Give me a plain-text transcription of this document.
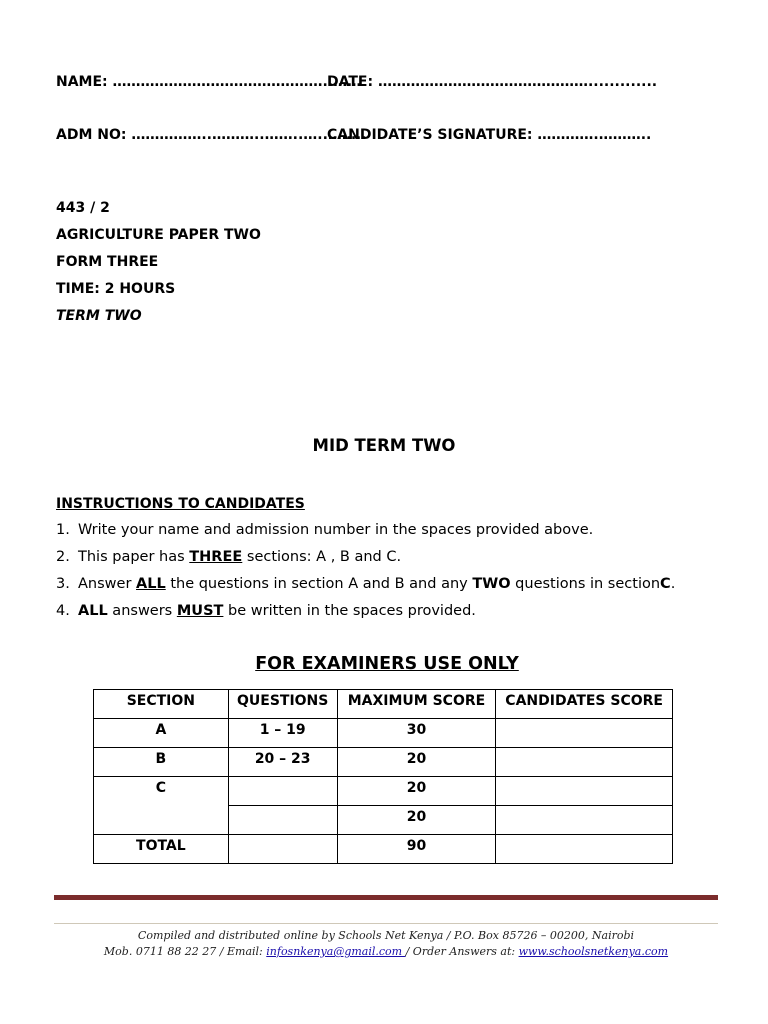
NAME: ………………………………………..……
DATE: ……………………………………….............
ADM NO: ……………..………..……..…..……..
CANDIDATE’S SIGNATURE: ………….………..
443 / 2
AGRICULTURE PAPER TWO
FORM THREE
TIME: 2 HOURS
TERM TWO
MID TERM TWO
INSTRUCTIONS TO CANDIDATES
1. Write your name and admission number in the spaces provided above.
2. This paper has THREE sections: A , B and C.
3. Answer ALL the questions in section A and B and any TWO questions in sectionC.
4. ALL answers MUST be written in the spaces provided.
FOR EXAMINERS USE ONLY
SECTION	QUESTIONS	MAXIMUM SCORE	CANDIDATES SCORE
A	1 – 19	30	
B	20 – 23	20	
C		20	
		20	
TOTAL		90	
Compiled and distributed online by Schools Net Kenya / P.O. Box 85726 – 00200, Nairobi
Mob. 0711 88 22 27 / Email: infosnkenya@gmail.com / Order Answers at: www.schoolsnetkenya.com
